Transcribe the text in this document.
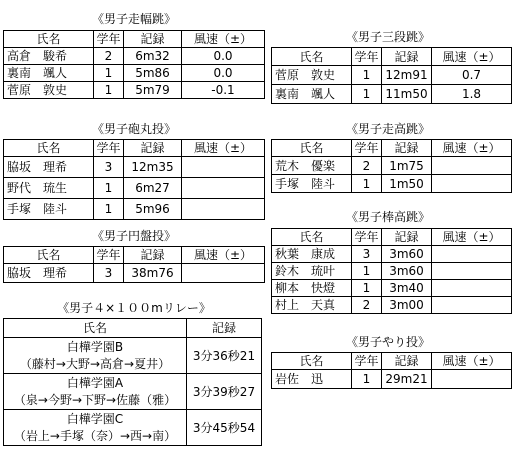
《男子走幅跳》
氏名	学年	記録	風速（±）
高倉　駿希	2	6m32	0.0
裏南　颯人	1	5m86	0.0
菅原　敦史	1	5m79	-0.1
《男子砲丸投》
氏名	学年	記録	風速（±）
脇坂　理希	3	12m35	
野代　琉生	1	6m27	
手塚　陸斗	1	5m96	
《男子円盤投》
氏名	学年	記録	風速（±）
脇坂　理希	3	38m76	
《男子４×１００mリレー》
氏名	記録

白樺学園B
（藤村→大野→高倉→夏井）	3分36秒21

白樺学園A
（泉→今野→下野→佐藤（雅）	3分39秒27

白樺学園C
（岩上→手塚（奈）→西→南）	3分45秒54
《男子三段跳》
氏名	学年	記録	風速（±）
菅原　敦史	1	12m91	0.7
裏南　颯人	1	11m50	1.8
《男子走高跳》
氏名	学年	記録	風速（±）
荒木　優楽	2	1m75	
手塚　陸斗	1	1m50	
《男子棒高跳》
氏名	学年	記録	風速（±）
秋葉　康成	3	3m60	
鈴木　琉叶	1	3m60	
柳本　快燈	1	3m40	
村上　天真	2	3m00	
《男子やり投》
氏名	学年	記録	風速（±）
岩佐　迅	1	29m21	
